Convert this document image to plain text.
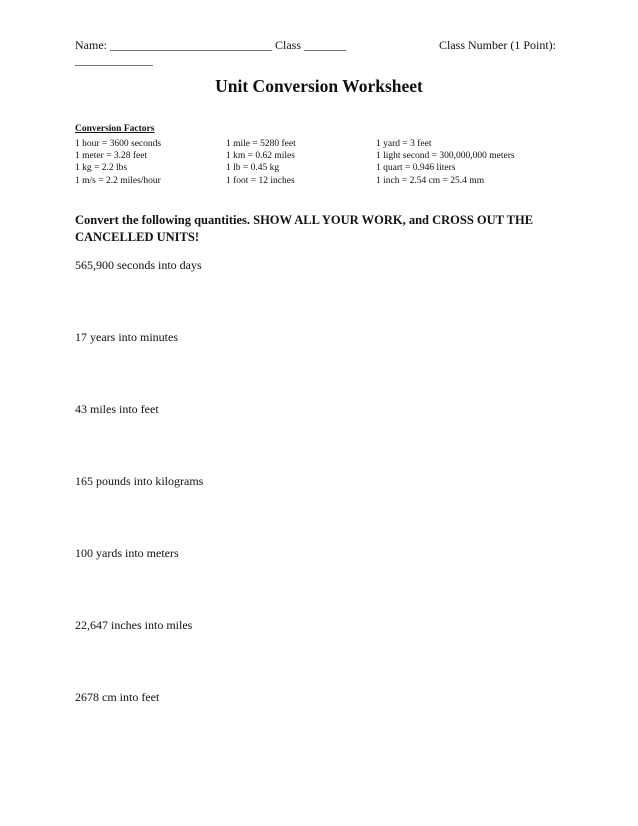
Name: ___________________________ Class _______	Class Number (1 Point):
_____________
Unit Conversion Worksheet
Conversion Factors
1 hour = 3600 seconds
1 meter = 3.28 feet
1 kg = 2.2 lbs
1 m/s = 2.2 miles/hour
1 mile = 5280 feet
1 km = 0.62 miles
1 lb = 0.45 kg
1 foot = 12 inches
1 yard = 3 feet
1 light second = 300,000,000 meters
1 quart = 0.946 liters
1 inch = 2.54 cm = 25.4 mm
Convert the following quantities. SHOW ALL YOUR WORK, and CROSS OUT THE CANCELLED UNITS!
565,900 seconds into days
17 years into minutes
43 miles into feet
165 pounds into kilograms
100 yards into meters
22,647 inches into miles
2678 cm into feet
